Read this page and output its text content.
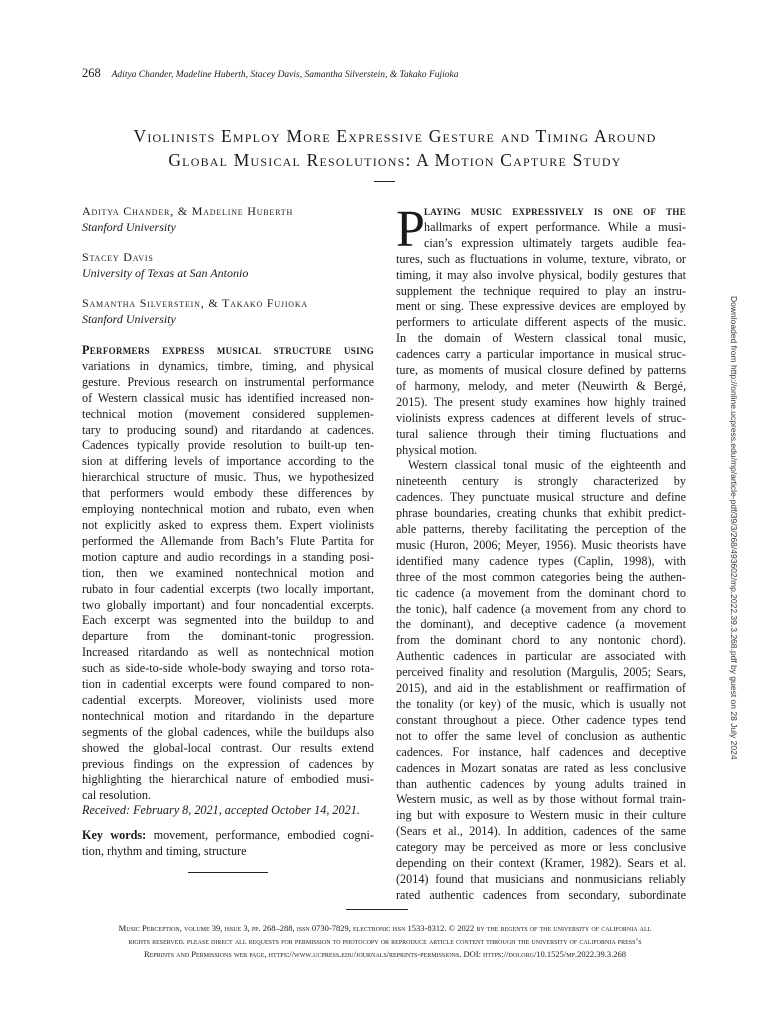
268 Aditya Chander, Madeline Huberth, Stacey Davis, Samantha Silverstein, & Takako Fujioka
Violinists Employ More Expressive Gesture and Timing Around
Global Musical Resolutions: A Motion Capture Study
Aditya Chander, & Madeline Huberth
Stanford University
Stacey Davis
University of Texas at San Antonio
Samantha Silverstein, & Takako Fujioka
Stanford University
Performers express musical structure using
variations in dynamics, timbre, timing, and physical
gesture. Previous research on instrumental performance
of Western classical music has identified increased non-
technical motion (movement considered supplemen-
tary to producing sound) and ritardando at cadences.
Cadences typically provide resolution to built-up ten-
sion at differing levels of importance according to the
hierarchical structure of music. Thus, we hypothesized
that performers would embody these differences by
employing nontechnical motion and rubato, even when
not explicitly asked to express them. Expert violinists
performed the Allemande from Bach’s Flute Partita for
motion capture and audio recordings in a standing posi-
tion, then we examined nontechnical motion and
rubato in four cadential excerpts (two locally important,
two globally important) and four noncadential excerpts.
Each excerpt was segmented into the buildup to and
departure from the dominant-tonic progression.
Increased ritardando as well as nontechnical motion
such as side-to-side whole-body swaying and torso rota-
tion in cadential excerpts were found compared to non-
cadential excerpts. Moreover, violinists used more
nontechnical motion and ritardando in the departure
segments of the global cadences, while the buildups also
showed the global-local contrast. Our results extend
previous findings on the expression of cadences by
highlighting the hierarchical nature of embodied musi-
cal resolution.
Received: February 8, 2021, accepted October 14, 2021.
Key words: movement, performance, embodied cogni-
tion, rhythm and timing, structure
P laying music expressively is one of the
hallmarks of expert performance. While a musi-
cian’s expression ultimately targets audible fea-
tures, such as fluctuations in volume, texture, vibrato, or
timing, it may also involve physical, bodily gestures that
supplement the technique required to play an instru-
ment or sing. These expressive devices are employed by
performers to articulate different aspects of the music.
In the domain of Western classical tonal music,
cadences carry a particular importance in musical struc-
ture, as moments of musical closure defined by patterns
of harmony, melody, and meter (Neuwirth & Bergé,
2015). The present study examines how highly trained
violinists express cadences at different levels of struc-
tural salience through their timing fluctuations and
physical motion.
Western classical tonal music of the eighteenth and
nineteenth century is strongly characterized by
cadences. They punctuate musical structure and define
phrase boundaries, creating chunks that exhibit predict-
able patterns, thereby facilitating the perception of the
music (Huron, 2006; Meyer, 1956). Music theorists have
identified many cadence types (Caplin, 1998), with
three of the most common categories being the authen-
tic cadence (a movement from the dominant chord to
the tonic), half cadence (a movement from any chord to
the dominant), and deceptive cadence (a movement
from the dominant chord to any nontonic chord).
Authentic cadences in particular are associated with
perceived finality and resolution (Margulis, 2005; Sears,
2015), and aid in the establishment or reaffirmation of
the tonality (or key) of the music, which is usually not
constant throughout a piece. Other cadence types tend
not to offer the same level of conclusion as authentic
cadences. For instance, half cadences and deceptive
cadences in Mozart sonatas are rated as less conclusive
than authentic cadences by young adults trained in
Western music, as well as by those without formal train-
ing but with exposure to Western music in their culture
(Sears et al., 2014). In addition, cadences of the same
category may be perceived as more or less conclusive
depending on their context (Kramer, 1982). Sears et al.
(2014) found that musicians and nonmusicians reliably
rated authentic cadences from secondary, subordinate
Music Perception, volume 39, issue 3, pp. 268–288, issn 0730-7829, electronic issn 1533-8312. © 2022 by the regents of the university of california all
rights reserved. please direct all requests for permission to photocopy or reproduce article content through the university of california press’s
Reprints and Permissions web page, https://www.ucpress.edu/journals/reprints-permissions. DOI: https://doi.org/10.1525/mp.2022.39.3.268
Downloaded from http://online.ucpress.edu/mp/article-pdf/39/3/268/493602/mp.2022.39.3.268.pdf by guest on 28 July 2024
